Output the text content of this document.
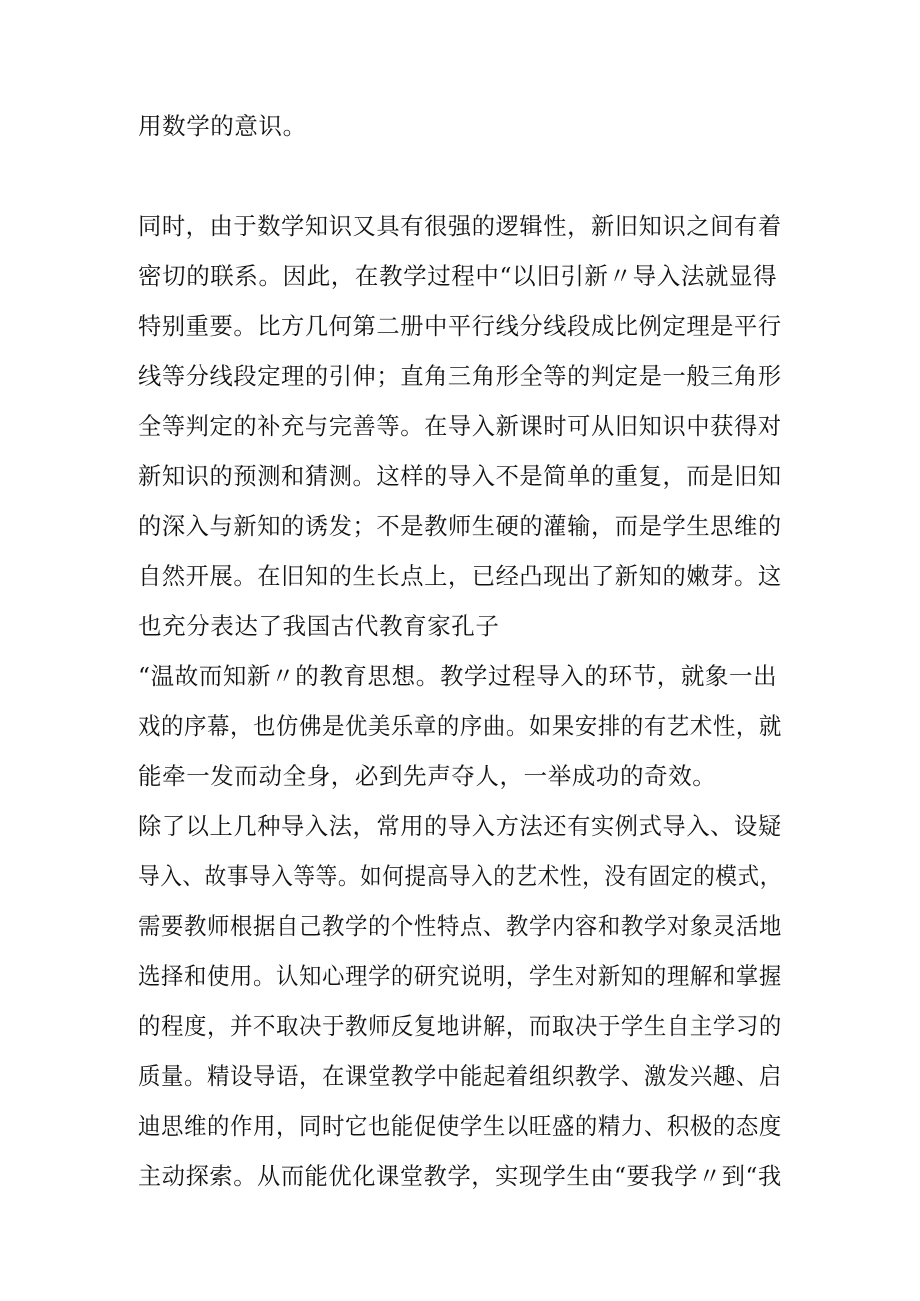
用数学的意识。
同时，由于数学知识又具有很强的逻辑性，新旧知识之间有着
密切的联系。因此，在教学过程中“以旧引新〃导入法就显得
特别重要。比方几何第二册中平行线分线段成比例定理是平行
线等分线段定理的引伸；直角三角形全等的判定是一般三角形
全等判定的补充与完善等。在导入新课时可从旧知识中获得对
新知识的预测和猜测。这样的导入不是简单的重复，而是旧知
的深入与新知的诱发；不是教师生硬的灌输，而是学生思维的
自然开展。在旧知的生长点上，已经凸现出了新知的嫩芽。这
也充分表达了我国古代教育家孔子
“温故而知新〃的教育思想。教学过程导入的环节，就象一出
戏的序幕，也仿佛是优美乐章的序曲。如果安排的有艺术性，就
能牵一发而动全身，必到先声夺人，一举成功的奇效。
除了以上几种导入法，常用的导入方法还有实例式导入、设疑
导入、故事导入等等。如何提高导入的艺术性，没有固定的模式，
需要教师根据自己教学的个性特点、教学内容和教学对象灵活地
选择和使用。认知心理学的研究说明，学生对新知的理解和掌握
的程度，并不取决于教师反复地讲解，而取决于学生自主学习的
质量。精设导语，在课堂教学中能起着组织教学、激发兴趣、启
迪思维的作用，同时它也能促使学生以旺盛的精力、积极的态度
主动探索。从而能优化课堂教学，实现学生由“要我学〃到“我
